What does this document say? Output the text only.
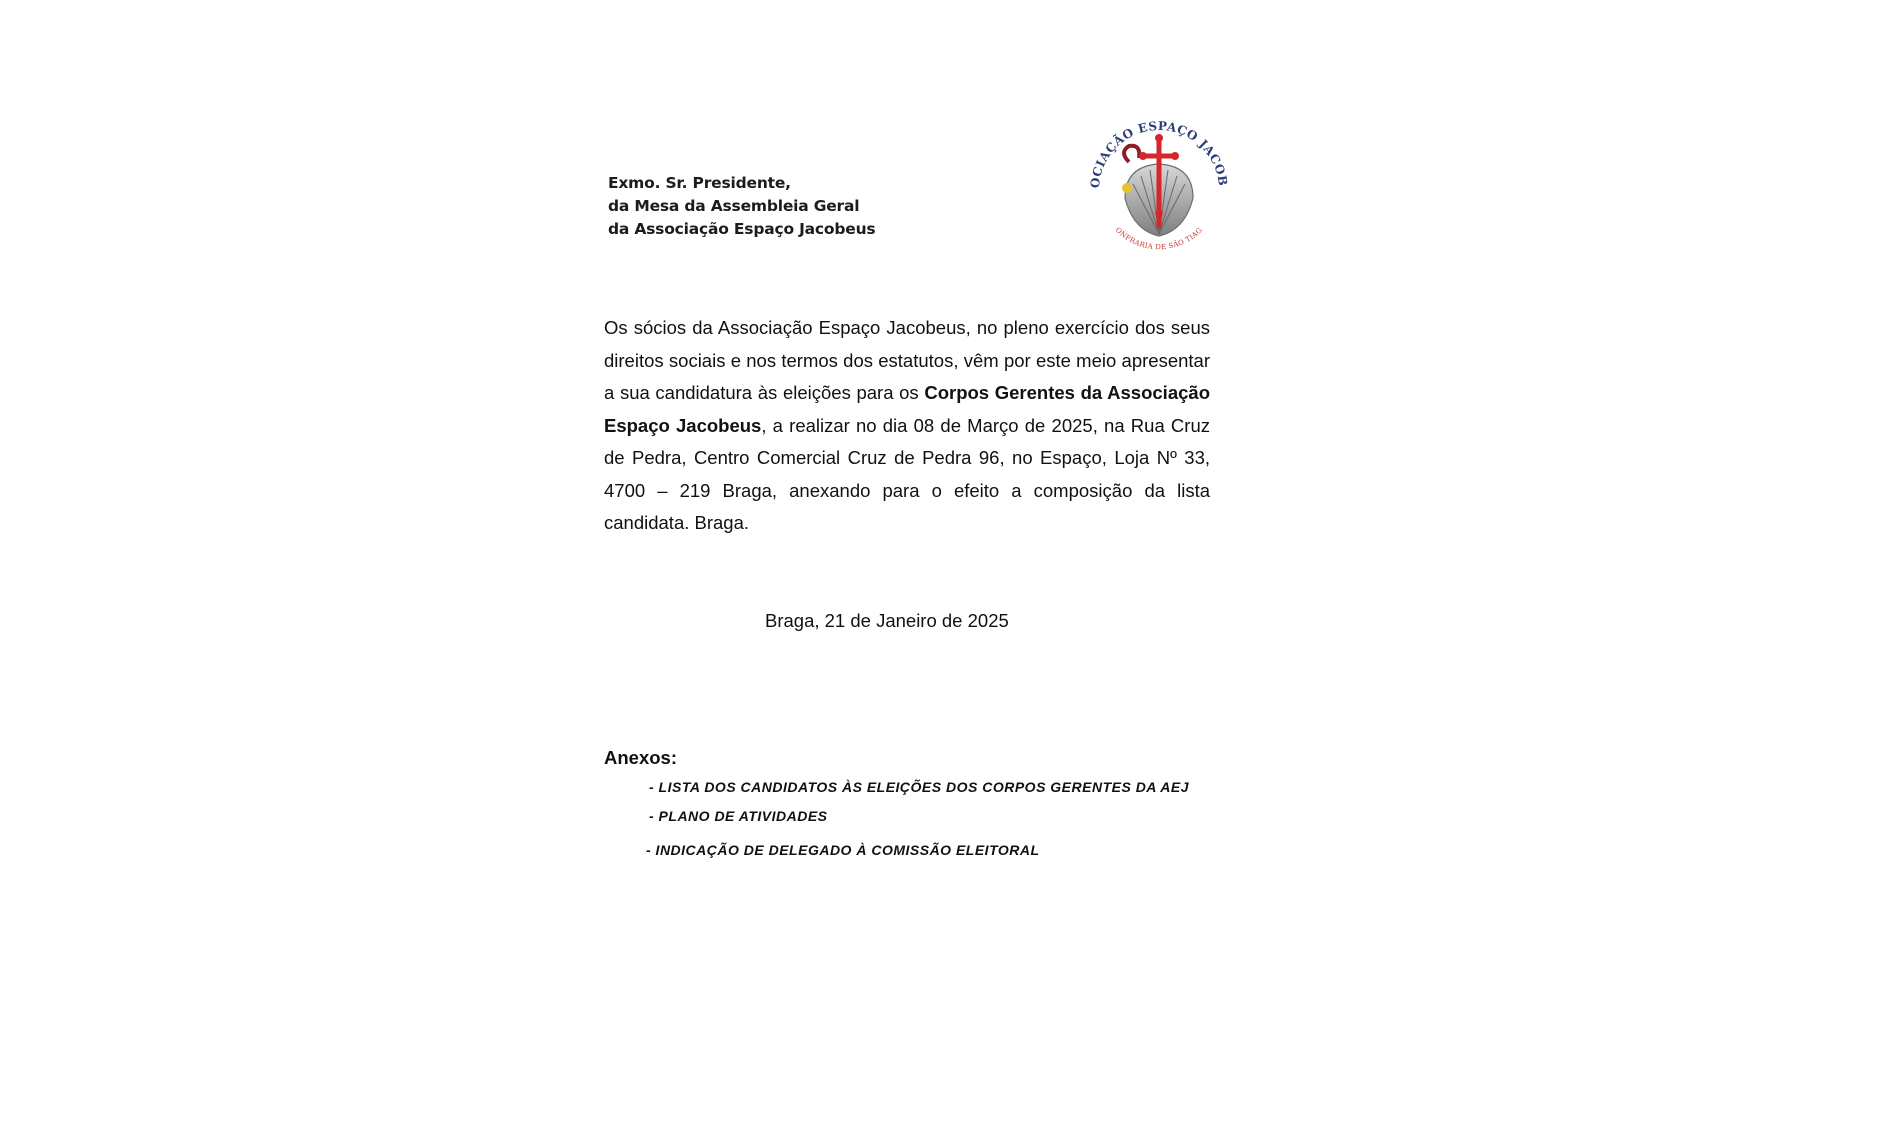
Exmo. Sr. Presidente,
da Mesa da Assembleia Geral
da Associação Espaço Jacobeus
OCIAÇÃO ESPAÇO JACOB
ONFRARIA DE SÃO TIAG
Os sócios da Associação Espaço Jacobeus, no pleno exercício dos seus direitos sociais e nos termos dos estatutos, vêm por este meio apresentar a sua candidatura às eleições para os Corpos Gerentes da Associação Espaço Jacobeus, a realizar no dia 08 de Março de 2025, na Rua Cruz de Pedra, Centro Comercial Cruz de Pedra 96, no Espaço, Loja Nº 33, 4700 – 219 Braga, anexando para o efeito a composição da lista candidata. Braga.
Braga, 21 de Janeiro de 2025
Anexos:
- LISTA DOS CANDIDATOS ÀS ELEIÇÕES DOS CORPOS GERENTES DA AEJ
- PLANO DE ATIVIDADES
- INDICAÇÃO DE DELEGADO À COMISSÃO ELEITORAL
